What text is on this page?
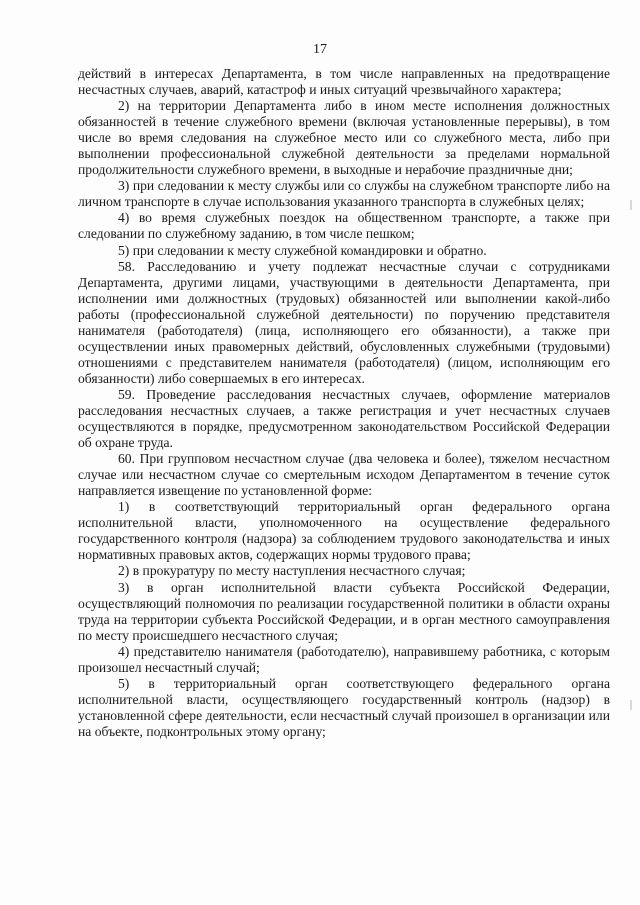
17

действий в интересах Департамента, в том числе направленных на предотвращение несчастных случаев, аварий, катастроф и иных ситуаций чрезвычайного характера;

2) на территории Департамента либо в ином месте исполнения должностных обязанностей в течение служебного времени (включая установленные перерывы), в том числе во время следования на служебное место или со служебного места, либо при выполнении профессиональной служебной деятельности за пределами нормальной продолжительности служебного времени, в выходные и нерабочие праздничные дни;

3) при следовании к месту службы или со службы на служебном транспорте либо на личном транспорте в случае использования указанного транспорта в служебных целях;

4) во время служебных поездок на общественном транспорте, а также при следовании по служебному заданию, в том числе пешком;

5) при следовании к месту служебной командировки и обратно.

58. Расследованию и учету подлежат несчастные случаи с сотрудниками Департамента, другими лицами, участвующими в деятельности Департамента, при исполнении ими должностных (трудовых) обязанностей или выполнении какой-либо работы (профессиональной служебной деятельности) по поручению представителя нанимателя (работодателя) (лица, исполняющего его обязанности), а также при осуществлении иных правомерных действий, обусловленных служебными (трудовыми) отношениями с представителем нанимателя (работодателя) (лицом, исполняющим его обязанности) либо совершаемых в его интересах.

59. Проведение расследования несчастных случаев, оформление материалов расследования несчастных случаев, а также регистрация и учет несчастных случаев осуществляются в порядке, предусмотренном законодательством Российской Федерации об охране труда.

60. При групповом несчастном случае (два человека и более), тяжелом несчастном случае или несчастном случае со смертельным исходом Департаментом в течение суток направляется извещение по установленной форме:

1) в соответствующий территориальный орган федерального органа исполнительной власти, уполномоченного на осуществление федерального государственного контроля (надзора) за соблюдением трудового законодательства и иных нормативных правовых актов, содержащих нормы трудового права;

2) в прокуратуру по месту наступления несчастного случая;

3) в орган исполнительной власти субъекта Российской Федерации, осуществляющий полномочия по реализации государственной политики в области охраны труда на территории субъекта Российской Федерации, и в орган местного самоуправления по месту происшедшего несчастного случая;

4) представителю нанимателя (работодателю), направившему работника, с которым произошел несчастный случай;

5) в территориальный орган соответствующего федерального органа исполнительной власти, осуществляющего государственный контроль (надзор) в установленной сфере деятельности, если несчастный случай произошел в организации или на объекте, подконтрольных этому органу;
